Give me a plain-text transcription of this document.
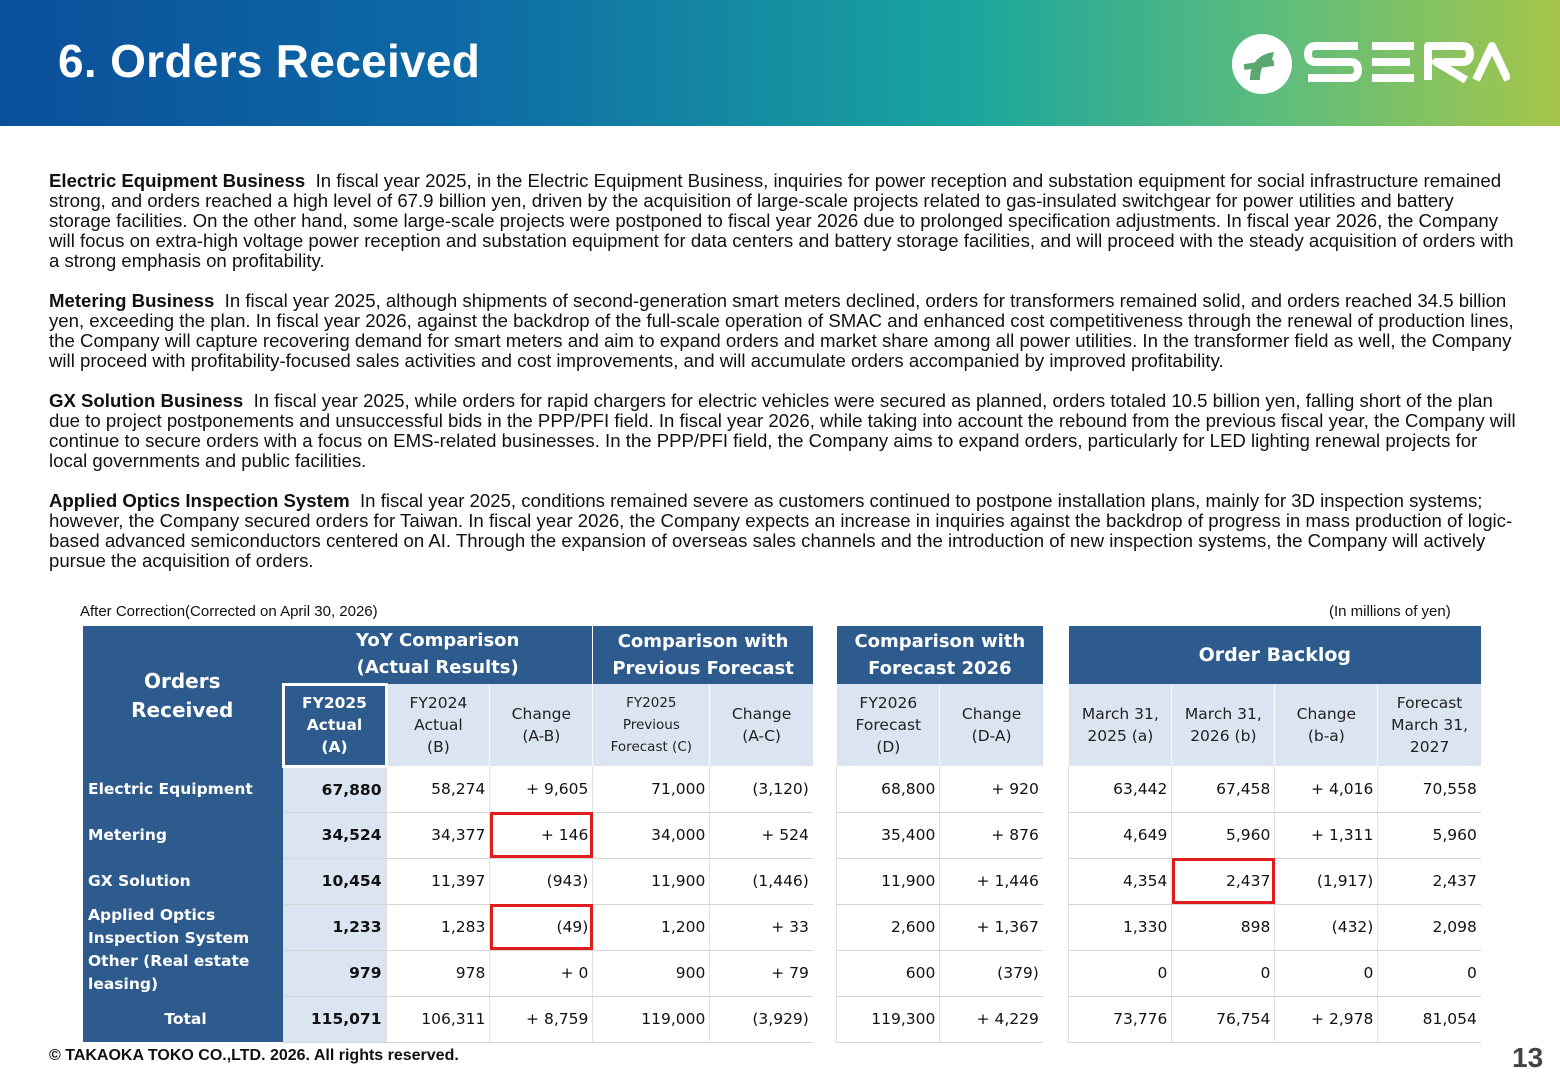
6. Orders Received

Electric Equipment Business In fiscal year 2025, in the Electric Equipment Business, inquiries for power reception and substation equipment for social infrastructure remained strong, and orders reached a high level of 67.9 billion yen, driven by the acquisition of large-scale projects related to gas-insulated switchgear for power utilities and battery storage facilities. On the other hand, some large-scale projects were postponed to fiscal year 2026 due to prolonged specification adjustments. In fiscal year 2026, the Company will focus on extra-high voltage power reception and substation equipment for data centers and battery storage facilities, and will proceed with the steady acquisition of orders with a strong emphasis on profitability.

Metering Business In fiscal year 2025, although shipments of second-generation smart meters declined, orders for transformers remained solid, and orders reached 34.5 billion yen, exceeding the plan. In fiscal year 2026, against the backdrop of the full-scale operation of SMAC and enhanced cost competitiveness through the renewal of production lines, the Company will capture recovering demand for smart meters and aim to expand orders and market share among all power utilities. In the transformer field as well, the Company will proceed with profitability-focused sales activities and cost improvements, and will accumulate orders accompanied by improved profitability.

GX Solution Business In fiscal year 2025, while orders for rapid chargers for electric vehicles were secured as planned, orders totaled 10.5 billion yen, falling short of the plan due to project postponements and unsuccessful bids in the PPP/PFI field. In fiscal year 2026, while taking into account the rebound from the previous fiscal year, the Company will continue to secure orders with a focus on EMS-related businesses. In the PPP/PFI field, the Company aims to expand orders, particularly for LED lighting renewal projects for local governments and public facilities.

Applied Optics Inspection System In fiscal year 2025, conditions remained severe as customers continued to postpone installation plans, mainly for 3D inspection systems; however, the Company secured orders for Taiwan. In fiscal year 2026, the Company expects an increase in inquiries against the backdrop of progress in mass production of logic-based advanced semiconductors centered on AI. Through the expansion of overseas sales channels and the introduction of new inspection systems, the Company will actively pursue the acquisition of orders.

After Correction(Corrected on April 30, 2026)	(In millions of yen)
Orders Received	YoY Comparison (Actual Results)			Comparison with Previous Forecast			Comparison with Forecast 2026			Order Backlog			
	FY2025 Actual (A)	FY2024 Actual (B)	Change (A-B)	FY2025 Previous Forecast (C)	Change (A-C)		FY2026 Forecast (D)	Change (D-A)		March 31, 2025 (a)	March 31, 2026 (b)	Change (b-a)	Forecast March 31, 2027
Electric Equipment	67,880	58,274	+ 9,605	71,000	(3,120)		68,800	+ 920		63,442	67,458	+ 4,016	70,558
Metering	34,524	34,377	+ 146	34,000	+ 524		35,400	+ 876		4,649	5,960	+ 1,311	5,960
GX Solution	10,454	11,397	(943)	11,900	(1,446)		11,900	+ 1,446		4,354	2,437	(1,917)	2,437
Applied Optics Inspection System	1,233	1,283	(49)	1,200	+ 33		2,600	+ 1,367		1,330	898	(432)	2,098
Other (Real estate leasing)	979	978	+ 0	900	+ 79		600	(379)		0	0	0	0
Total	115,071	106,311	+ 8,759	119,000	(3,929)		119,300	+ 4,229		73,776	76,754	+ 2,978	81,054
© TAKAOKA TOKO CO.,LTD. 2026. All rights reserved.	13
